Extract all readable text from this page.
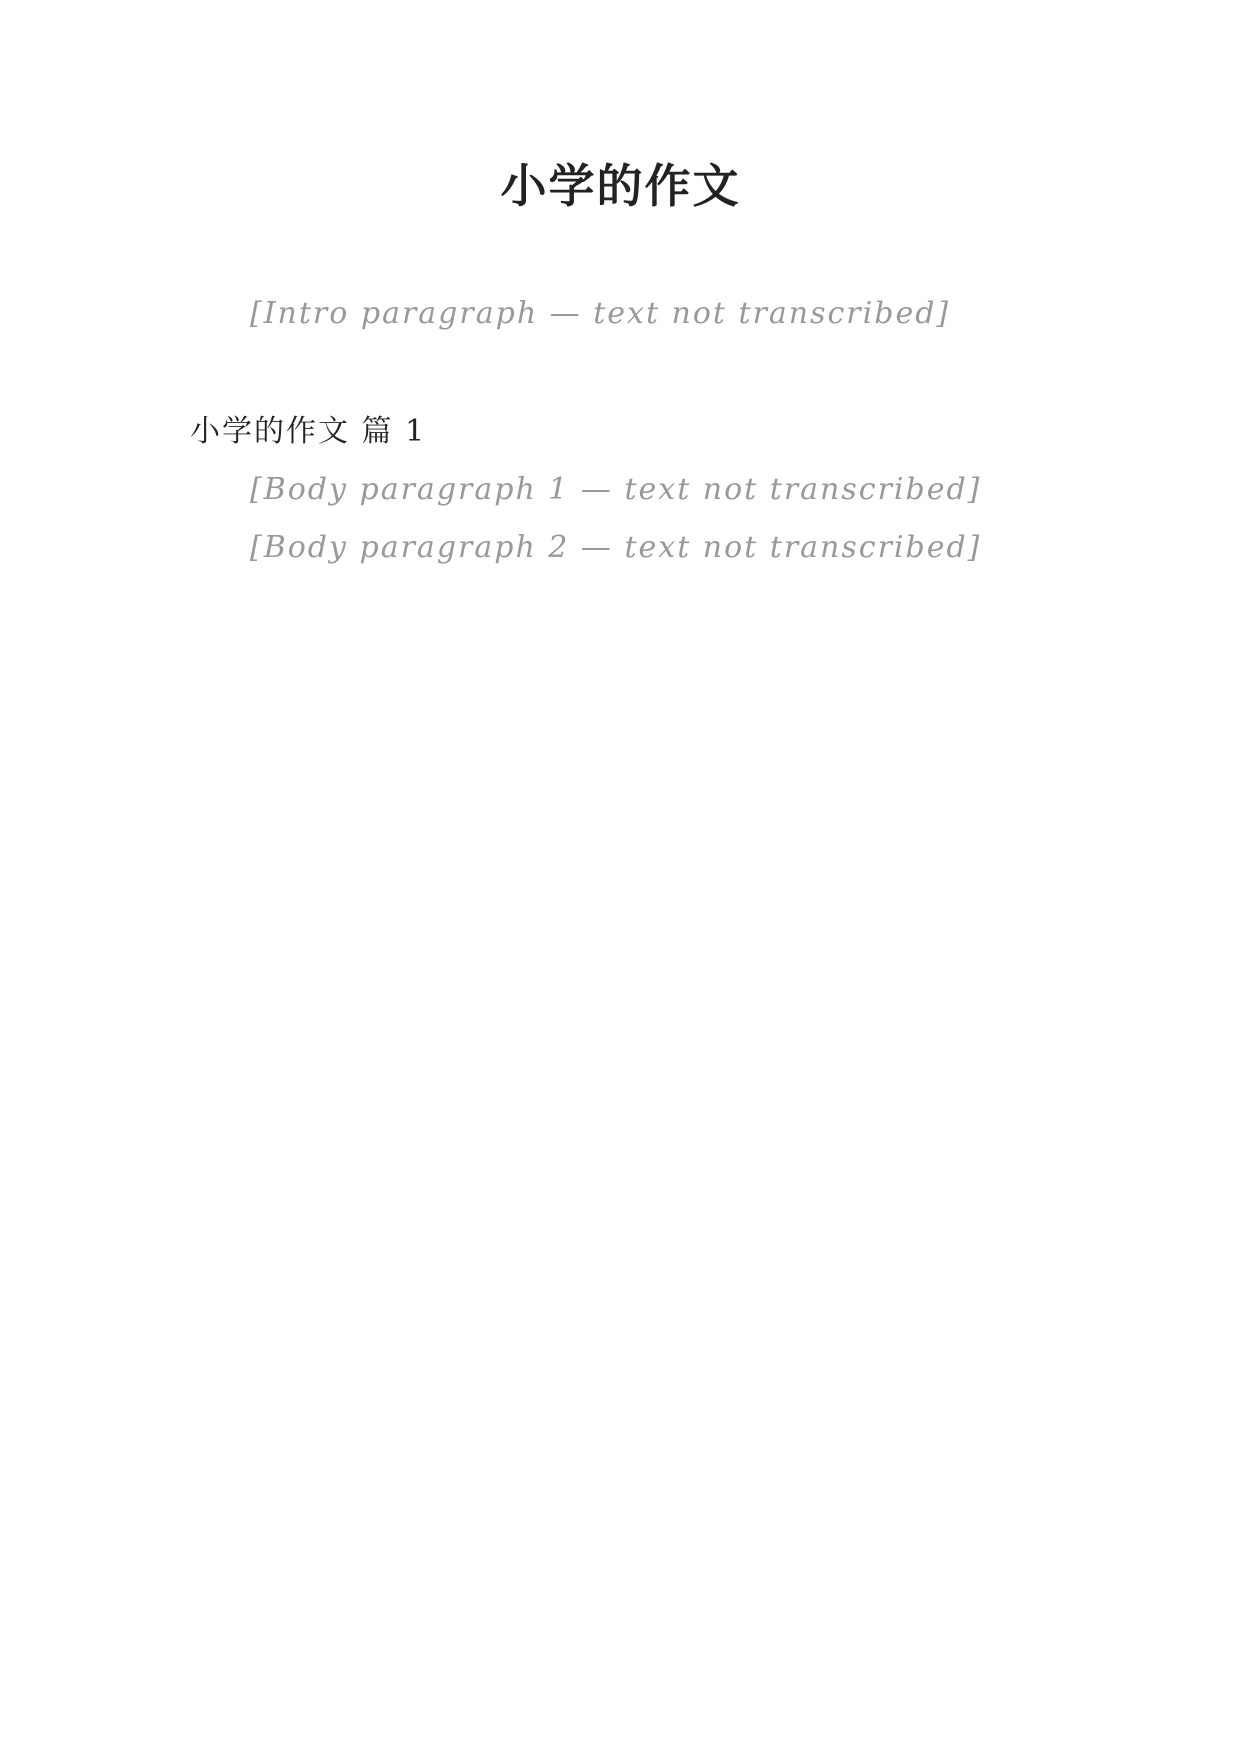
小学的作文

[Intro paragraph — text not transcribed]

小学的作文 篇 1

[Body paragraph 1 — text not transcribed]

[Body paragraph 2 — text not transcribed]
